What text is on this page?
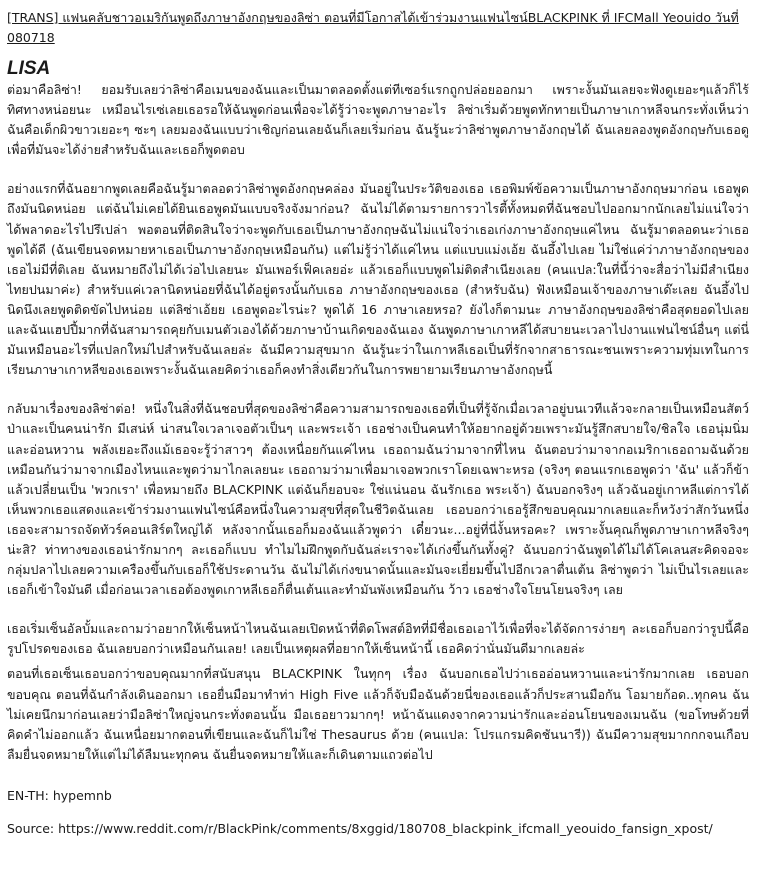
[TRANS] แฟนคลับชาวอเมริกันพูดถึงภาษาอังกฤษของลิซ่า ตอนที่มีโอกาสได้เข้าร่วมงานแฟนไซน์BLACKPINK ที่ IFCMall Yeouido วันที่ 080718

LISA

ต่อมาคือลิซ่า! ยอมรับเลยว่าลิซ่าคือเมนของฉันและเป็นมาตลอดตั้งแต่ทีเซอร์แรกถูกปล่อยออกมา เพราะงั้นมันเลยจะฟังดูเยอะๆแล้วก็ไร้ทิศทางหน่อยนะ เหมือนไรเซ่เลยเธอรอให้ฉันพูดก่อนเพื่อจะได้รู้ว่าจะพูดภาษาอะไร ลิซ่าเริ่มด้วยพูดทักทายเป็นภาษาเกาหลีจนกระทั่งเห็นว่าฉันคือเด็กผิวขาวเยอะๆ ซะๆ เลยมองฉันแบบว่าเชิญก่อนเลยฉันก็เลยเริ่มก่อน ฉันรู้นะว่าลิซ่าพูดภาษาอังกฤษได้ ฉันเลยลองพูดอังกฤษกับเธอดูเพื่อที่มันจะได้ง่ายสำหรับฉันและเธอก็พูดตอบ

อย่างแรกที่ฉันอยากพูดเลยคือฉันรู้มาตลอดว่าลิซ่าพูดอังกฤษคล่อง มันอยู่ในประวัติของเธอ เธอพิมพ์ข้อความเป็นภาษาอังกฤษมาก่อน เธอพูดถึงมันนิดหน่อย แต่ฉันไม่เคยได้ยินเธอพูดมันแบบจริงจังมาก่อน? ฉันไม่ได้ตามรายการวาไรตี้ทั้งหมดที่ฉันชอบไปออกมากนักเลยไม่แน่ใจว่าได้พลาดอะไรไปรึเปล่า พอตอนที่ติดสินใจว่าจะพูดกับเธอเป็นภาษาอังกฤษฉันไม่แน่ใจว่าเธอเก่งภาษาอังกฤษแค่ไหน ฉันรู้มาตลอดนะว่าเธอพูดได้ดี (ฉันเขียนจดหมายหาเธอเป็นภาษาอังกฤษเหมือนกัน) แต่ไม่รู้ว่าได้แค่ไหน แต่แบบแม่งเอ้ย ฉันอึ้งไปเลย ไม่ใช่แค่ว่าภาษาอังกฤษของเธอไม่มีที่ติเลย ฉันหมายถึงไม่ได้เว่อไปเลยนะ มันเพอร์เฟ็คเลยอ่ะ แล้วเธอก็แบบพูดไม่ติดสำเนียงเลย (คนแปล:ในที่นี้ว่าจะสื่อว่าไม่มีสำเนียงไทยปนมาค่ะ) สำหรับแค่เวลานิดหน่อยที่ฉันได้อยู่ตรงนั้นกับเธอ ภาษาอังกฤษของเธอ (สำหรับฉัน) ฟังเหมือนเจ้าของภาษาเด๊ะเลย ฉันอึ้งไปนิดนึงเลยพูดติดขัดไปหน่อย แต่ลิซ่าเอ้ยย เธอพูดอะไรน่ะ? พูดได้ 16 ภาษาเลยหรอ? ยังไงก็ตามนะ ภาษาอังกฤษของลิซ่าคือสุดยอดไปเลย และฉันแฮปปี้มากที่ฉันสามารถคุยกับเมนตัวเองได้ด้วยภาษาบ้านเกิดของฉันเอง ฉันพูดภาษาเกาหลีได้สบายนะเวลาไปงานแฟนไซน์อื่นๆ แต่นี่มันเหมือนอะไรที่แปลกใหม่ไปสำหรับฉันเลยล่ะ ฉันมีความสุขมาก ฉันรู้นะว่าในเกาหลีเธอเป็นที่รักจากสาธารณะชนเพราะความทุ่มเทในการเรียนภาษาเกาหลีของเธอเพราะงั้นฉันเลยคิดว่าเธอก็คงทำสิ่งเดียวกันในการพยายามเรียนภาษาอังกฤษนี้

กลับมาเรื่องของลิซ่าต่อ! หนึ่งในสิ่งที่ฉันชอบที่สุดของลิซ่าคือความสามารถของเธอที่เป็นที่รู้จักเมื่อเวลาอยู่บนเวทีแล้วจะกลายเป็นเหมือนสัตว์ป่าและเป็นคนน่ารัก มีเสน่ห์ น่าสนใจเวลาเจอตัวเป็นๆ และพระเจ้า เธอช่างเป็นคนทำให้อยากอยู่ด้วยเพราะมันรู้สึกสบายใจ/ชิลใจ เธอนุ่มนิ่มและอ่อนหวาน พลังเยอะถึงแม้เธอจะรู้ว่าสาวๆ ต้องเหนื่อยกันแค่ไหน เธอถามฉันว่ามาจากที่ไหน ฉันตอบว่ามาจากอเมริกาเธอถามฉันด้วยเหมือนกันว่ามาจากเมืองไหนและพูดว่ามาไกลเลยนะ เธอถามว่ามาเพื่อมาเจอพวกเราโดยเฉพาะหรอ (จริงๆ ตอนแรกเธอพูดว่า 'ฉัน' แล้วก็ข้าแล้วเปลี่ยนเป็น 'พวกเรา' เพื่อหมายถึง BLACKPINK แต่ฉันก็ยอบจะ ใช่แน่นอน ฉันรักเธอ พระเจ้า) ฉันบอกจริงๆ แล้วฉันอยู่เกาหลีแต่การได้เห็นพวกเธอแสดงและเข้าร่วมงานแฟนไซน์คือหนึ่งในความสุขที่สุดในชีวิตฉันเลย เธอบอกว่าเธอรู้สึกขอบคุณมากเลยและก็หวังว่าสักวันหนึ่งเธอจะสามารถจัดทัวร์คอนเสิร์ตใหญ่ได้ หลังจากนั้นเธอก็มองฉันแล้วพูดว่า เดี๋ยวนะ...อยู่ที่นี่งั้นหรอคะ? เพราะงั้นคุณก็พูดภาษาเกาหลีจริงๆ น่ะสิ? ท่าทางของเธอน่ารักมากๆ ละเธอก็แบบ ทำไมไม่ฝึกพูดกับฉันล่ะเราจะได้เก่งขึ้นกันทั้งคู่? ฉันบอกว่าฉันพูดได้ไม่ได้โคเลนสะคิดจอจะกลุ่มปลาไปเลยความเครืองขึ้นกับเธอก็ใช้ประดานวัน ฉันไม่ได้เก่งขนาดนั้นและมันจะเยี่ยมขึ้นไปอีกเวลาตื่นเต้น ลิซ่าพูดว่า ไม่เป็นไรเลยและเธอก็เข้าใจมันดี เมื่อก่อนเวลาเธอต้องพูดเกาหลีเธอก็ตื่นเต้นและทำมันพังเหมือนกัน ว้าว เธอช่างใจโยนโยนจริงๆ เลย

เธอเริ่มเซ็นอัลบั้มและถามว่าอยากให้เซ็นหน้าไหนฉันเลยเปิดหน้าที่ติดโพสต์อิทที่มีชื่อเธอเอาไว้เพื่อที่จะได้จัดการง่ายๆ ละเธอก็บอกว่ารูปนี้คือรูปโปรดของเธอ ฉันเลยบอกว่าเหมือนกันเลย! เลยเป็นเหตุผลที่อยากให้เซ็นหน้านี้ เธอคิดว่านั่นมันดีมากเลยล่ะ

ตอนที่เธอเซ็นเธอบอกว่าขอบคุณมากที่สนับสนุน BLACKPINK ในทุกๆ เรื่อง ฉันบอกเธอไปว่าเธออ่อนหวานและน่ารักมากเลย เธอบอกขอบคุณ ตอนที่ฉันกำลังเดินออกมา เธอยื่นมือมาทำท่า High Five แล้วก็จับมือฉันด้วยนี่ของเธอแล้วก็ประสานมือกัน โอมายก้อด..ทุกคน ฉันไม่เคยนึกมาก่อนเลยว่ามือลิซ่าใหญ่จนกระทั่งตอนนั้น มือเธอยาวมากๆ! หน้าฉันแดงจากความน่ารักและอ่อนโยนของเมนฉัน (ขอโทษด้วยที่คิดคำไม่ออกแล้ว ฉันเหนื่อยมากตอนที่เขียนและฉันก็ไม่ใช่ Thesaurus ด้วย (คนแปล: โปรแกรมคิดชันนารี)) ฉันมีความสุขมากกกจนเกือบลืมยื่นจดหมายให้แต่ไม่ได้ลืมนะทุกคน ฉันยื่นจดหมายให้และก็เดินตามแถวต่อไป

EN-TH: hypemnb

Source: https://www.reddit.com/r/BlackPink/comments/8xggid/180708_blackpink_ifcmall_yeouido_fansign_xpost/
